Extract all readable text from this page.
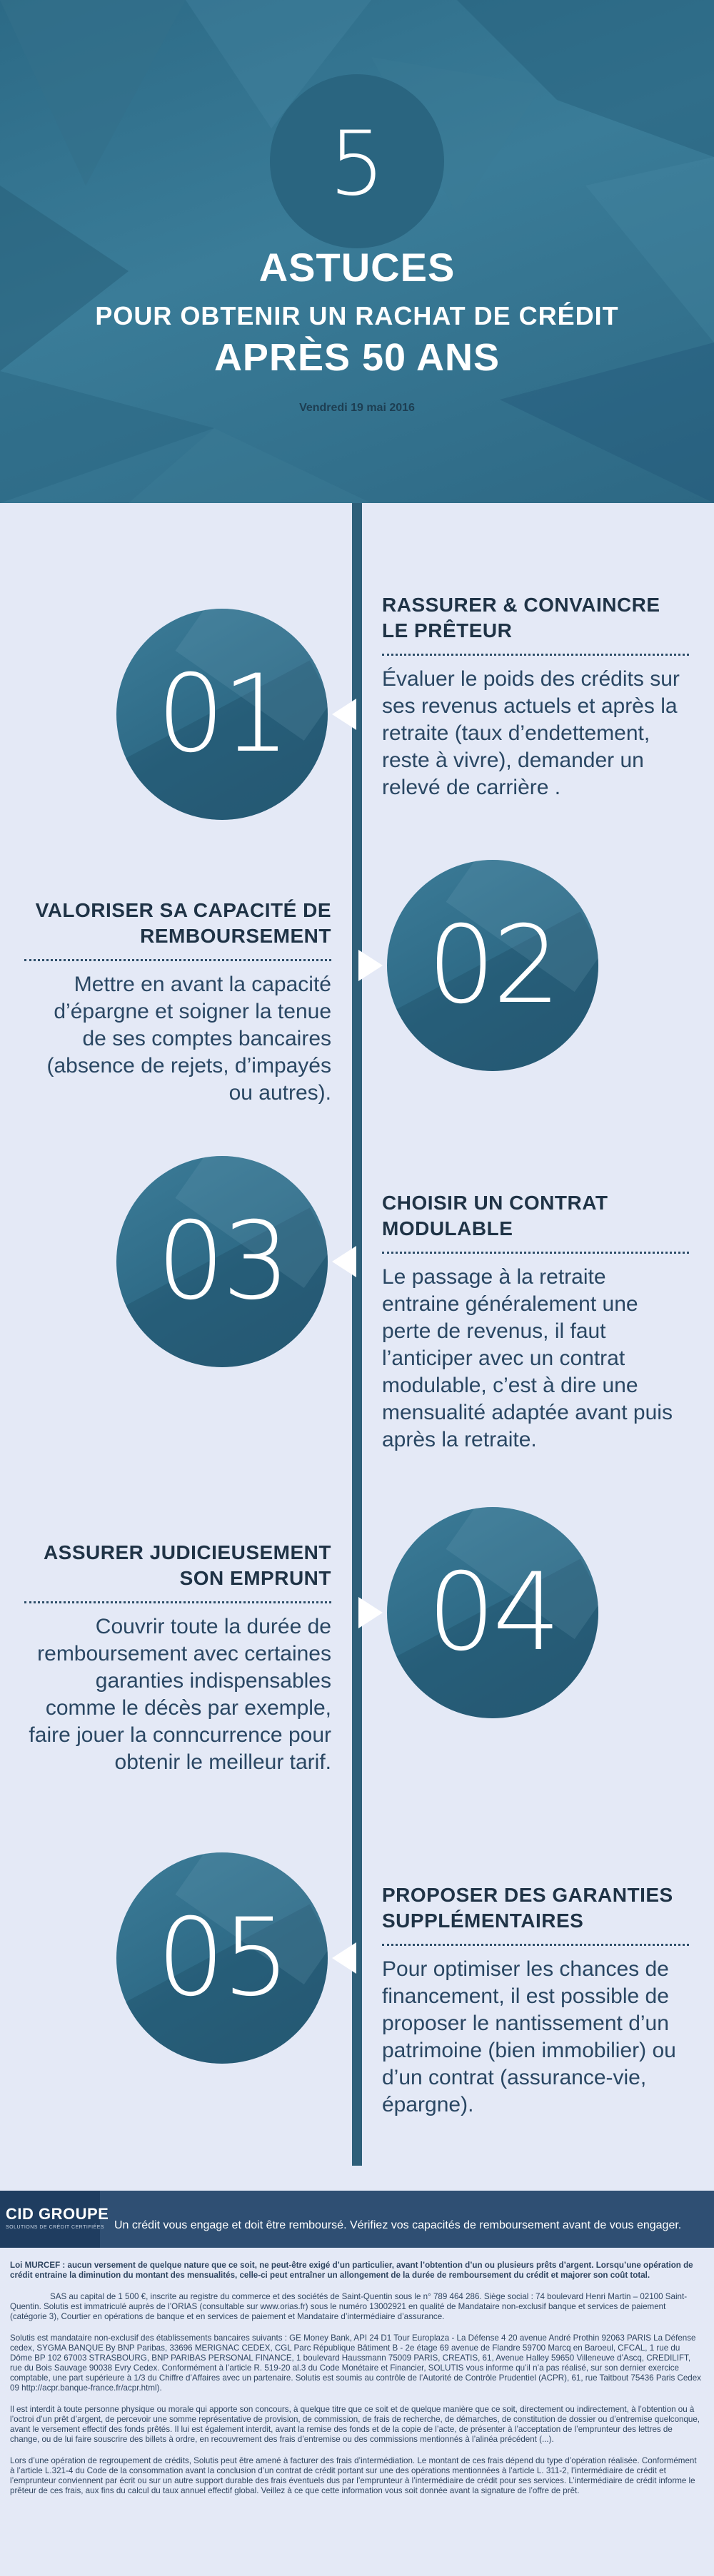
5
ASTUCES
POUR OBTENIR UN RACHAT DE CRÉDIT
APRÈS 50 ANS
Vendredi 19 mai 2016
01
RASSURER & CONVAINCRE LE PRÊTEUR
Évaluer le poids des crédits sur ses revenus actuels et après la retraite (taux d’endettement, reste à vivre), demander un relevé de carrière .
02
VALORISER SA CAPACITÉ DE REMBOURSEMENT
Mettre en avant la capacité d’épargne et soigner la tenue de ses comptes bancaires (absence de rejets, d’impayés ou autres).
03	CHOISIR UN CONTRAT MODULABLE
Le passage à la retraite entraine généralement une perte de revenus, il faut l’anticiper avec un contrat modulable, c’est à dire une mensualité adaptée avant puis après la retraite.
04
ASSURER JUDICIEUSEMENT SON EMPRUNT
Couvrir toute la durée de remboursement avec certaines garanties indispensables comme le décès par exemple, faire jouer la conncurrence pour obtenir le meilleur tarif.
05
PROPOSER DES GARANTIES SUPPLÉMENTAIRES
Pour optimiser les chances de financement, il est possible de proposer le nantissement d’un patrimoine (bien immobilier) ou d’un contrat (assurance-vie, épargne).
CID GROUPE
SOLUTIONS DE CRÉDIT CERTIFIÉES Un crédit vous engage et doit être remboursé. Vérifiez vos capacités de remboursement avant de vous engager.

Loi MURCEF : aucun versement de quelque nature que ce soit, ne peut-être exigé d’un particulier, avant l’obtention d’un ou plusieurs prêts d’argent. Lorsqu’une opération de crédit entraine la diminution du montant des mensualités, celle-ci peut entraîner un allongement de la durée de remboursement du crédit et majorer son coût total.

SAS au capital de 1 500 €, inscrite au registre du commerce et des sociétés de Saint-Quentin sous le n° 789 464 286. Siège social : 74 boulevard Henri Martin – 02100 Saint-Quentin. Solutis est immatriculé auprès de l’ORIAS (consultable sur www.orias.fr) sous le numéro 13002921 en qualité de Mandataire non-exclusif banque et services de paiement (catégorie 3), Courtier en opérations de banque et en services de paiement et Mandataire d’intermédiaire d’assurance.

Solutis est mandataire non-exclusif des établissements bancaires suivants : GE Money Bank, API 24 D1 Tour Europlaza - La Défense 4 20 avenue André Prothin 92063 PARIS La Défense cedex, SYGMA BANQUE By BNP Paribas, 33696 MERIGNAC CEDEX, CGL Parc République Bâtiment B - 2e étage 69 avenue de Flandre 59700 Marcq en Baroeul, CFCAL, 1 rue du Dôme BP 102 67003 STRASBOURG, BNP PARIBAS PERSONAL FINANCE, 1 boulevard Haussmann 75009 PARIS, CREATIS, 61, Avenue Halley 59650 Villeneuve d’Ascq, CREDILIFT, rue du Bois Sauvage 90038 Evry Cedex. Conformément à l’article R. 519-20 al.3 du Code Monétaire et Financier, SOLUTIS vous informe qu’il n’a pas réalisé, sur son dernier exercice comptable, une part supérieure à 1/3 du Chiffre d’Affaires avec un partenaire. Solutis est soumis au contrôle de l’Autorité de Contrôle Prudentiel (ACPR), 61, rue Taitbout 75436 Paris Cedex 09 http://acpr.banque-france.fr/acpr.html).

Il est interdit à toute personne physique ou morale qui apporte son concours, à quelque titre que ce soit et de quelque manière que ce soit, directement ou indirectement, à l’obtention ou à l’octroi d’un prêt d’argent, de percevoir une somme représentative de provision, de commission, de frais de recherche, de démarches, de constitution de dossier ou d’entremise quelconque, avant le versement effectif des fonds prêtés. Il lui est également interdit, avant la remise des fonds et de la copie de l’acte, de présenter à l’acceptation de l’emprunteur des lettres de change, ou de lui faire souscrire des billets à ordre, en recouvrement des frais d’entremise ou des commissions mentionnés à l’alinéa précédent (...).

Lors d’une opération de regroupement de crédits, Solutis peut être amené à facturer des frais d’intermédiation. Le montant de ces frais dépend du type d’opération réalisée. Conformément à l’article L.321-4 du Code de la consommation avant la conclusion d’un contrat de crédit portant sur une des opérations mentionnées à l’article L. 311-2, l’intermédiaire de crédit et l’emprunteur conviennent par écrit ou sur un autre support durable des frais éventuels dus par l’emprunteur à l’intermédiaire de crédit pour ses services. L’intermédiaire de crédit informe le prêteur de ces frais, aux fins du calcul du taux annuel effectif global. Veillez à ce que cette information vous soit donnée avant la signature de l’offre de prêt.
